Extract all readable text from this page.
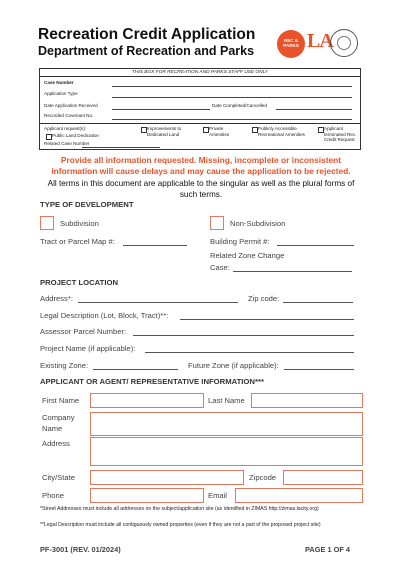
Recreation Credit Application
Department of Recreation and Parks
REC & PARKS LA
THIS BOX FOR RECREATION AND PARKS STAFF USE ONLY
Case Number
Application Type
Date Application Received	Date Completed/Cancelled
Recorded Covenant No.
Applicant request(s):
Public Land Dedication
Improvements to Dedicated Land
Private Amenities
Publicly Accessible Recreational Amenities
Applicant terminated Rec. Credit Request
Related Case Number
Provide all information requested. Missing, incomplete or inconsistent information will cause delays and may cause the application to be rejected.
All terms in this document are applicable to the singular as well as the plural forms of such terms.
TYPE OF DEVELOPMENT
Subdivision	Non-Subdivision
Tract or Parcel Map #:	Building Permit #:
Related Zone Change
Case:
PROJECT LOCATION
Address*:	Zip code:
Legal Description (Lot, Block, Tract)**:
Assessor Parcel Number:
Project Name (if applicable):
Existing Zone:	Future Zone (if applicable):
APPLICANT OR AGENT/ REPRESENTATIVE INFORMATION***
First Name	Last Name
Company
Name
Address
City/State	Zipcode
Phone	Email
*Street Addresses must include all addresses on the subject/application site (as identified in ZIMAS http://zimas.lacity.org)
**Legal Description must include all contiguously owned properties (even if they are not a part of the proposed project site)
PF-3001 (REV. 01/2024)	PAGE 1 OF 4
